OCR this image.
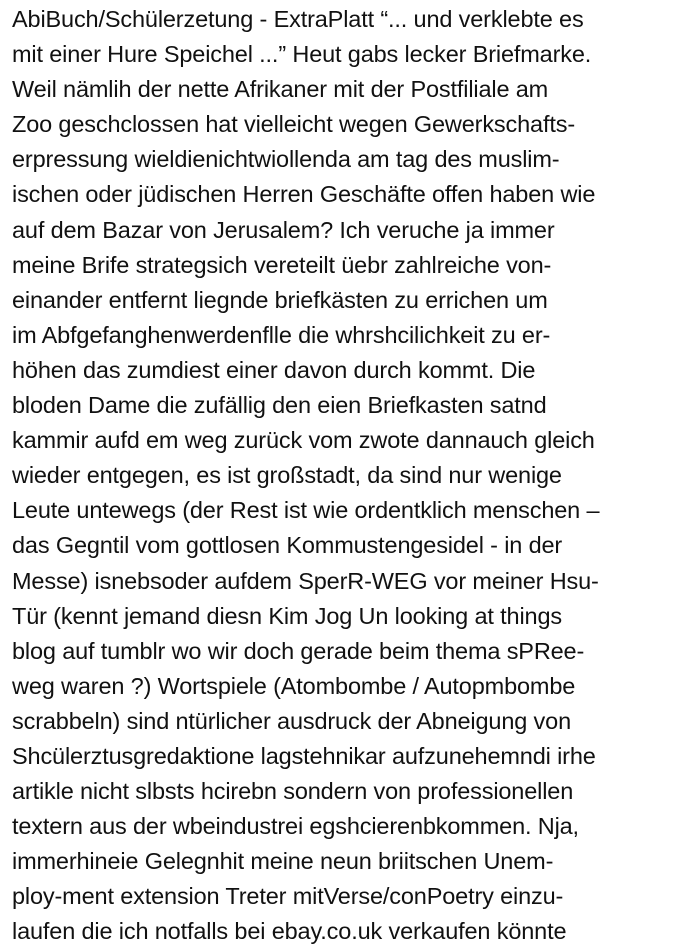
AbiBuch/Schülerzetung - ExtraPlatt “... und verklebte es
mit einer Hure Speichel ...” Heut gabs lecker Briefmarke.
Weil nämlih der nette Afrikaner mit der Postfiliale am
Zoo geschclossen hat vielleicht wegen Gewerkschafts-
erpressung wieldienichtwiollenda am tag des muslim-
ischen oder jüdischen Herren Geschäfte offen haben wie
auf dem Bazar von Jerusalem? Ich veruche ja immer
meine Brife strategsich vereteilt üebr zahlreiche von-
einander entfernt liegnde briefkästen zu errichen um
im Abfgefanghenwerdenflle die whrshcilichkeit zu er-
höhen das zumdiest einer davon durch kommt. Die
bloden Dame die zufällig den eien Briefkasten satnd
kammir aufd em weg zurück vom zwote dannauch gleich
wieder entgegen, es ist großstadt, da sind nur wenige
Leute untewegs (der Rest ist wie ordentklich menschen –
das Gegntil vom gottlosen Kommustengesidel - in der
Messe) isnebsoder aufdem SperR-WEG vor meiner Hsu-
Tür (kennt jemand diesn Kim Jog Un looking at things
blog auf tumblr wo wir doch gerade beim thema sPRee-
weg waren ?) Wortspiele (Atombombe / Autopmbombe
scrabbeln) sind ntürlicher ausdruck der Abneigung von
Shcülerztusgredaktione lagstehnikar aufzunehemndi irhe
artikle nicht slbsts hcirebn sondern von professionellen
textern aus der wbeindustrei egshcierenbkommen. Nja,
immerhineie Gelegnhit meine neun briitschen Unem-
ploy-ment extension Treter mitVerse/conPoetry einzu-
laufen die ich notfalls bei ebay.co.uk verkaufen könnte
